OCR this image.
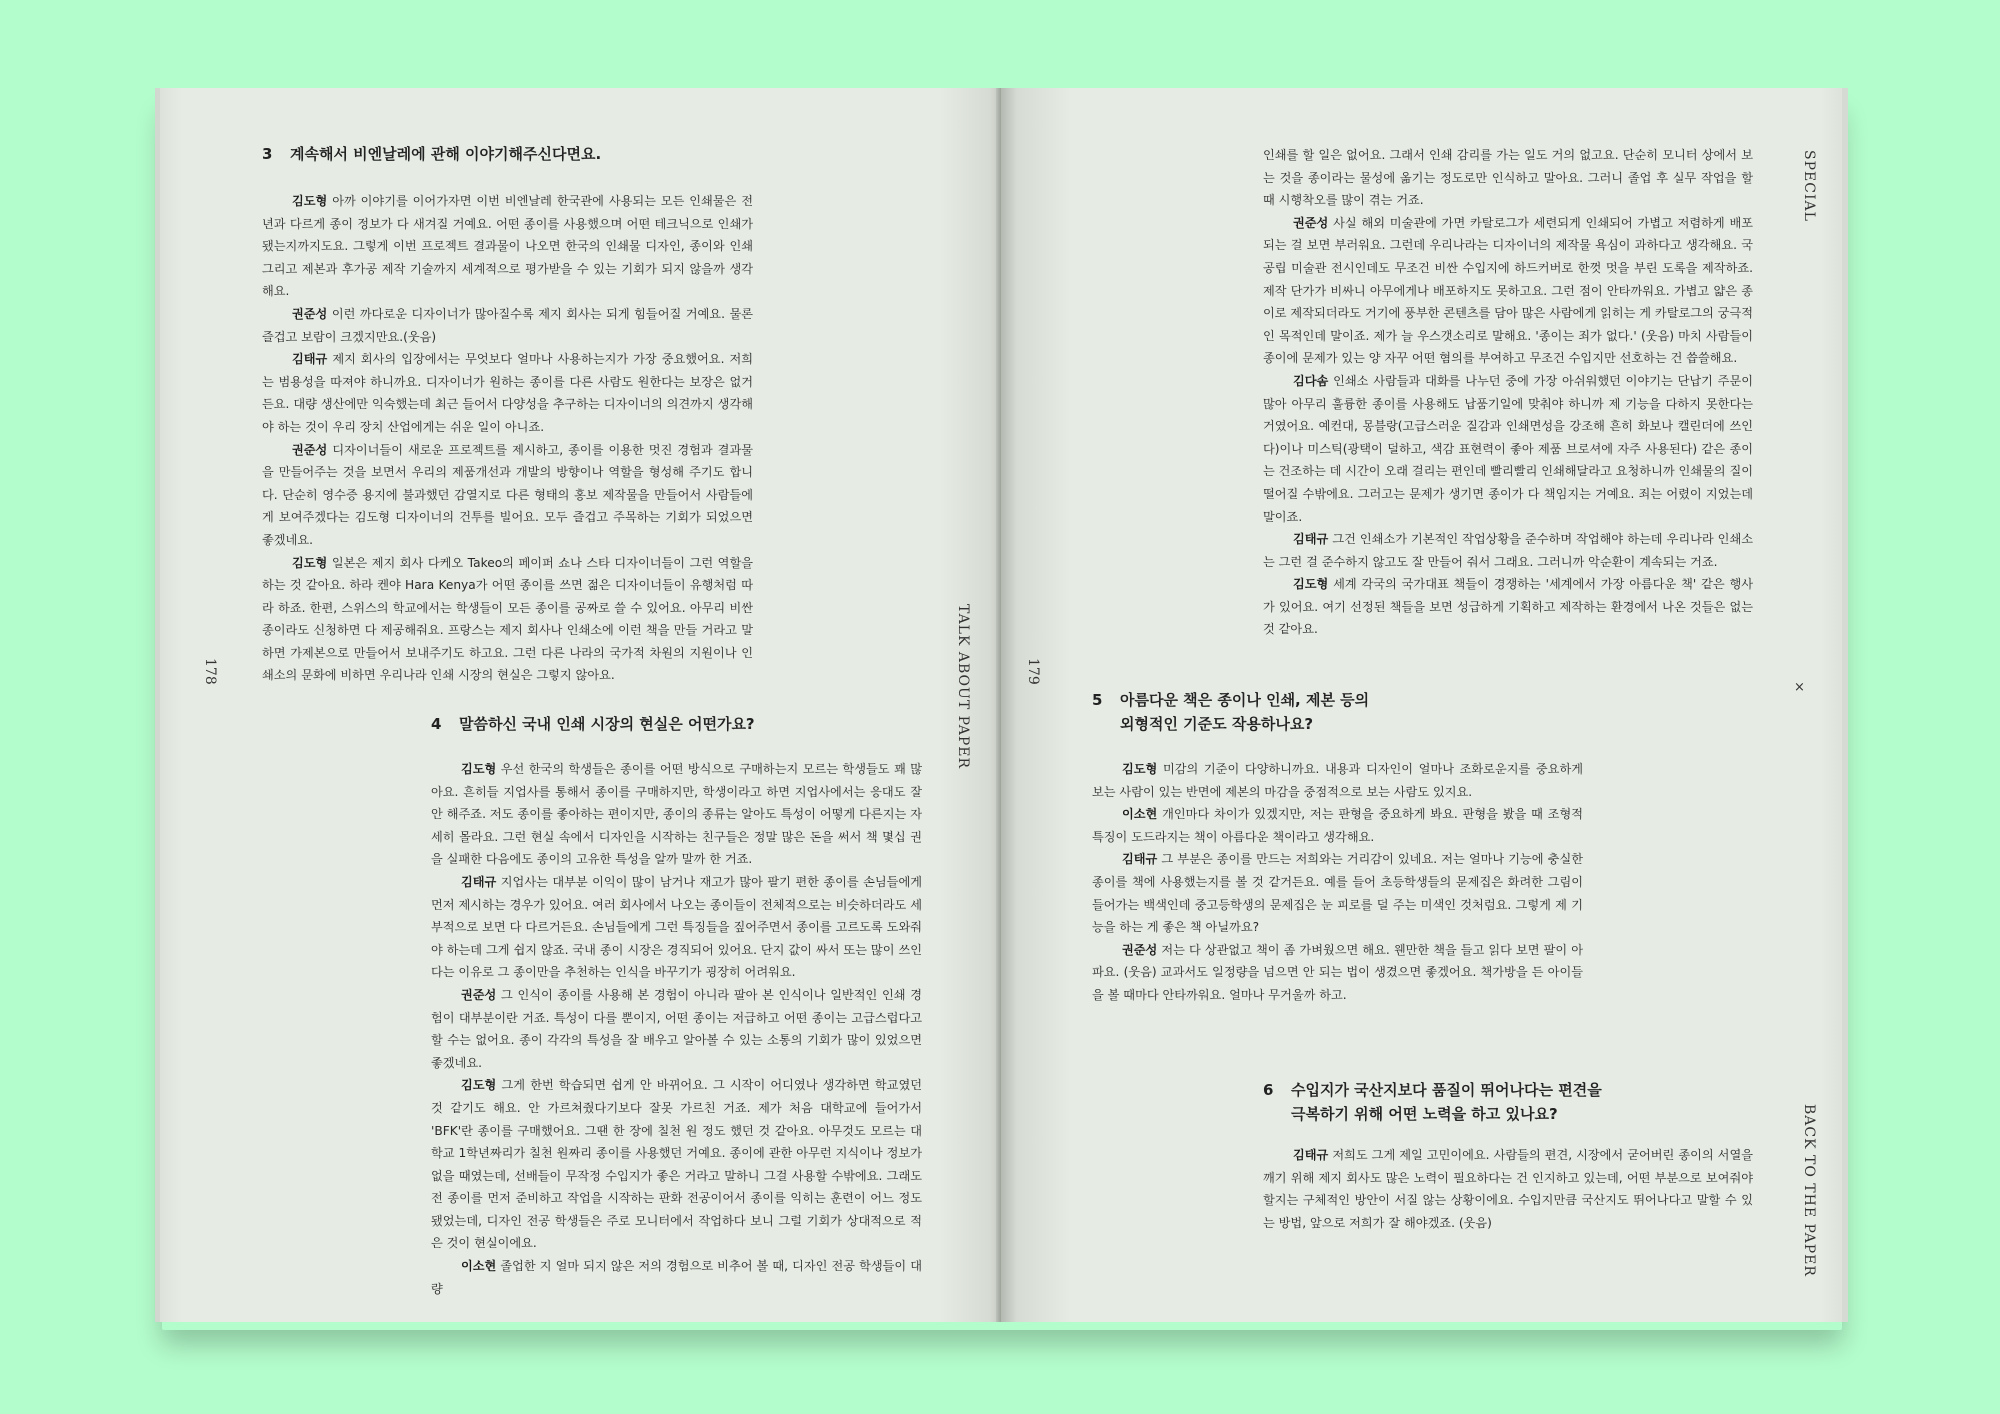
3	계속해서 비엔날레에 관해 이야기해주신다면요.

김도형 아까 이야기를 이어가자면 이번 비엔날레 한국관에 사용되는 모든 인쇄물은 전년과 다르게 종이 정보가 다 새겨질 거예요. 어떤 종이를 사용했으며 어떤 테크닉으로 인쇄가 됐는지까지도요. 그렇게 이번 프로젝트 결과물이 나오면 한국의 인쇄물 디자인, 종이와 인쇄 그리고 제본과 후가공 제작 기술까지 세계적으로 평가받을 수 있는 기회가 되지 않을까 생각해요.

권준성 이런 까다로운 디자이너가 많아질수록 제지 회사는 되게 힘들어질 거예요. 물론 즐겁고 보람이 크겠지만요.(웃음)

김태규 제지 회사의 입장에서는 무엇보다 얼마나 사용하는지가 가장 중요했어요. 저희는 범용성을 따져야 하니까요. 디자이너가 원하는 종이를 다른 사람도 원한다는 보장은 없거든요. 대량 생산에만 익숙했는데 최근 들어서 다양성을 추구하는 디자이너의 의견까지 생각해야 하는 것이 우리 장치 산업에게는 쉬운 일이 아니죠.

권준성 디자이너들이 새로운 프로젝트를 제시하고, 종이를 이용한 멋진 경험과 결과물을 만들어주는 것을 보면서 우리의 제품개선과 개발의 방향이나 역할을 형성해 주기도 합니다. 단순히 영수증 용지에 불과했던 감열지로 다른 형태의 홍보 제작물을 만들어서 사람들에게 보여주겠다는 김도형 디자이너의 건투를 빌어요. 모두 즐겁고 주목하는 기회가 되었으면 좋겠네요.

김도형 일본은 제지 회사 다케오 Takeo의 페이퍼 쇼나 스타 디자이너들이 그런 역할을 하는 것 같아요. 하라 켄야 Hara Kenya가 어떤 종이를 쓰면 젊은 디자이너들이 유행처럼 따라 하죠. 한편, 스위스의 학교에서는 학생들이 모든 종이를 공짜로 쓸 수 있어요. 아무리 비싼 종이라도 신청하면 다 제공해줘요. 프랑스는 제지 회사나 인쇄소에 이런 책을 만들 거라고 말하면 가제본으로 만들어서 보내주기도 하고요. 그런 다른 나라의 국가적 차원의 지원이나 인쇄소의 문화에 비하면 우리나라 인쇄 시장의 현실은 그렇지 않아요.

4	말씀하신 국내 인쇄 시장의 현실은 어떤가요?

김도형 우선 한국의 학생들은 종이를 어떤 방식으로 구매하는지 모르는 학생들도 꽤 많아요. 흔히들 지업사를 통해서 종이를 구매하지만, 학생이라고 하면 지업사에서는 응대도 잘 안 해주죠. 저도 종이를 좋아하는 편이지만, 종이의 종류는 알아도 특성이 어떻게 다른지는 자세히 몰라요. 그런 현실 속에서 디자인을 시작하는 친구들은 정말 많은 돈을 써서 책 몇십 권을 실패한 다음에도 종이의 고유한 특성을 알까 말까 한 거죠.

김태규 지업사는 대부분 이익이 많이 남거나 재고가 많아 팔기 편한 종이를 손님들에게 먼저 제시하는 경우가 있어요. 여러 회사에서 나오는 종이들이 전체적으로는 비슷하더라도 세부적으로 보면 다 다르거든요. 손님들에게 그런 특징들을 짚어주면서 종이를 고르도록 도와줘야 하는데 그게 쉽지 않죠. 국내 종이 시장은 경직되어 있어요. 단지 값이 싸서 또는 많이 쓰인다는 이유로 그 종이만을 추천하는 인식을 바꾸기가 굉장히 어려워요.

권준성 그 인식이 종이를 사용해 본 경험이 아니라 팔아 본 인식이나 일반적인 인쇄 경험이 대부분이란 거죠. 특성이 다를 뿐이지, 어떤 종이는 저급하고 어떤 종이는 고급스럽다고 할 수는 없어요. 종이 각각의 특성을 잘 배우고 알아볼 수 있는 소통의 기회가 많이 있었으면 좋겠네요.

김도형 그게 한번 학습되면 쉽게 안 바뀌어요. 그 시작이 어디였나 생각하면 학교였던 것 같기도 해요. 안 가르쳐줬다기보다 잘못 가르친 거죠. 제가 처음 대학교에 들어가서 'BFK'란 종이를 구매했어요. 그땐 한 장에 칠천 원 정도 했던 것 같아요. 아무것도 모르는 대학교 1학년짜리가 칠천 원짜리 종이를 사용했던 거예요. 종이에 관한 아무런 지식이나 정보가 없을 때였는데, 선배들이 무작정 수입지가 좋은 거라고 말하니 그걸 사용할 수밖에요. 그래도 전 종이를 먼저 준비하고 작업을 시작하는 판화 전공이어서 종이를 익히는 훈련이 어느 정도 됐었는데, 디자인 전공 학생들은 주로 모니터에서 작업하다 보니 그럴 기회가 상대적으로 적은 것이 현실이에요.

이소현 졸업한 지 얼마 되지 않은 저의 경험으로 비추어 볼 때, 디자인 전공 학생들이 대량

178	TALK ABOUT PAPER

인쇄를 할 일은 없어요. 그래서 인쇄 감리를 가는 일도 거의 없고요. 단순히 모니터 상에서 보는 것을 종이라는 물성에 옮기는 정도로만 인식하고 말아요. 그러니 졸업 후 실무 작업을 할 때 시행착오를 많이 겪는 거죠.

권준성 사실 해외 미술관에 가면 카탈로그가 세련되게 인쇄되어 가볍고 저렴하게 배포되는 걸 보면 부러워요. 그런데 우리나라는 디자이너의 제작물 욕심이 과하다고 생각해요. 국공립 미술관 전시인데도 무조건 비싼 수입지에 하드커버로 한껏 멋을 부린 도록을 제작하죠. 제작 단가가 비싸니 아무에게나 배포하지도 못하고요. 그런 점이 안타까워요. 가볍고 얇은 종이로 제작되더라도 거기에 풍부한 콘텐츠를 담아 많은 사람에게 읽히는 게 카탈로그의 궁극적인 목적인데 말이죠. 제가 늘 우스갯소리로 말해요. '종이는 죄가 없다.' (웃음) 마치 사람들이 종이에 문제가 있는 양 자꾸 어떤 혐의를 부여하고 무조건 수입지만 선호하는 건 씁쓸해요.

김다솜 인쇄소 사람들과 대화를 나누던 중에 가장 아쉬워했던 이야기는 단납기 주문이 많아 아무리 훌륭한 종이를 사용해도 납품기일에 맞춰야 하니까 제 기능을 다하지 못한다는 거였어요. 예컨대, 몽블랑(고급스러운 질감과 인쇄면성을 강조해 흔히 화보나 캘린더에 쓰인다)이나 미스틱(광택이 덜하고, 색감 표현력이 좋아 제품 브로셔에 자주 사용된다) 같은 종이는 건조하는 데 시간이 오래 걸리는 편인데 빨리빨리 인쇄해달라고 요청하니까 인쇄물의 질이 떨어질 수밖에요. 그러고는 문제가 생기면 종이가 다 책임지는 거예요. 죄는 어렸이 지었는데 말이죠.

김태규 그건 인쇄소가 기본적인 작업상황을 준수하며 작업해야 하는데 우리나라 인쇄소는 그런 걸 준수하지 않고도 잘 만들어 줘서 그래요. 그러니까 악순환이 계속되는 거죠.

김도형 세계 각국의 국가대표 책들이 경쟁하는 '세계에서 가장 아름다운 책' 같은 행사가 있어요. 여기 선정된 책들을 보면 성급하게 기획하고 제작하는 환경에서 나온 것들은 없는 것 같아요.

5	아름다운 책은 종이나 인쇄, 제본 등의
외형적인 기준도 작용하나요?

김도형 미감의 기준이 다양하니까요. 내용과 디자인이 얼마나 조화로운지를 중요하게 보는 사람이 있는 반면에 제본의 마감을 중점적으로 보는 사람도 있지요.

이소현 개인마다 차이가 있겠지만, 저는 판형을 중요하게 봐요. 판형을 봤을 때 조형적 특징이 도드라지는 책이 아름다운 책이라고 생각해요.

김태규 그 부분은 종이를 만드는 저희와는 거리감이 있네요. 저는 얼마나 기능에 충실한 종이를 책에 사용했는지를 볼 것 같거든요. 예를 들어 초등학생들의 문제집은 화려한 그림이 들어가는 백색인데 중고등학생의 문제집은 눈 피로를 덜 주는 미색인 것처럼요. 그렇게 제 기능을 하는 게 좋은 책 아닐까요?

권준성 저는 다 상관없고 책이 좀 가벼웠으면 해요. 웬만한 책을 들고 읽다 보면 팔이 아파요. (웃음) 교과서도 일정량을 넘으면 안 되는 법이 생겼으면 좋겠어요. 책가방을 든 아이들을 볼 때마다 안타까워요. 얼마나 무거울까 하고.

6	수입지가 국산지보다 품질이 뛰어나다는 편견을
극복하기 위해 어떤 노력을 하고 있나요?

김태규 저희도 그게 제일 고민이에요. 사람들의 편견, 시장에서 굳어버린 종이의 서열을 깨기 위해 제지 회사도 많은 노력이 필요하다는 건 인지하고 있는데, 어떤 부분으로 보여줘야 할지는 구체적인 방안이 서질 않는 상황이에요. 수입지만큼 국산지도 뛰어나다고 말할 수 있는 방법, 앞으로 저희가 잘 해야겠죠. (웃음)

179
SPECIAL
×
BACK TO THE PAPER
